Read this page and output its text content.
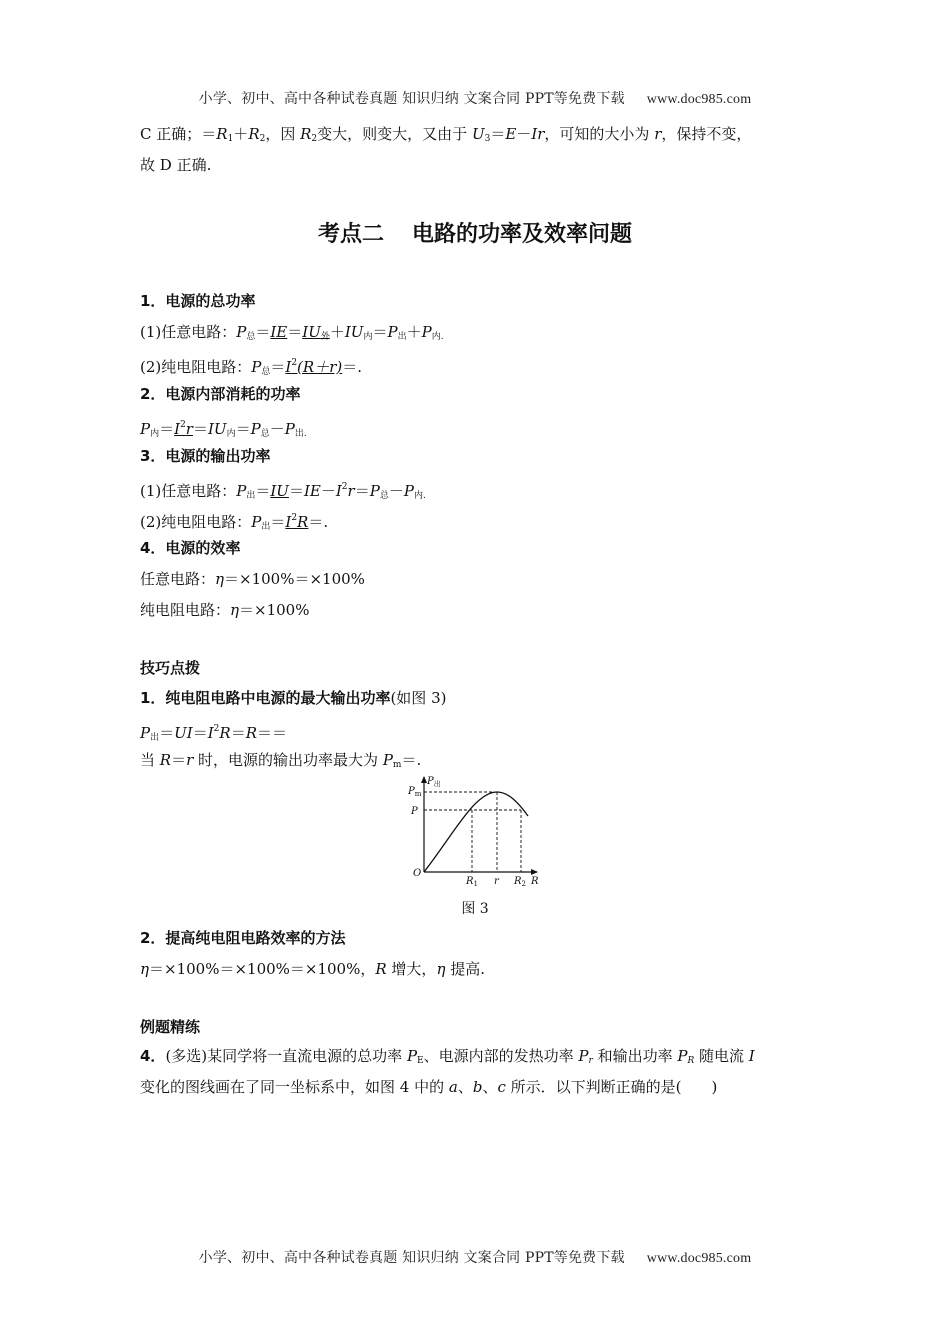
小学、初中、高中各种试卷真题 知识归纳 文案合同 PPT等免费下载 www.doc985.com
C 正确；$=R_1+R_2$，因 $R_2$变大，则变大，又由于 $U_3=E-Ir$，可知的大小为 r，保持不变，
故 D 正确.
考点二 电路的功率及效率问题
1．电源的总功率
(1)任意电路：$P_总=IE=IU_外+IU_内=P_出+P_{内.}$
(2)纯电阻电路：$P_总=I^2(R+r)=$.
2．电源内部消耗的功率
$P_内=I^2r=IU_内=P_总-P_{出.}$
3．电源的输出功率
(1)任意电路：$P_出=IU=IE-I^2r=P_总-P_{内.}$
(2)纯电阻电路：$P_出=I^2R=$.
4．电源的效率
任意电路：η＝×100%＝×100%
纯电阻电路：η＝×100%
技巧点拨
1．纯电阻电路中电源的最大输出功率(如图 3)
$P_出=UI=I^2R=R==$
当 R＝r 时，电源的输出功率最大为 $P_m=$.
$P_出$
$P_m$
P
O
$R_1$ r $R_2$ R
图 3
2．提高纯电阻电路效率的方法
η＝×100%＝×100%＝×100%，R 增大，η 提高.
例题精练
4．(多选)某同学将一直流电源的总功率 $P_E$、电源内部的发热功率 $P_r$ 和输出功率 $P_R$ 随电流 I
变化的图线画在了同一坐标系中，如图 4 中的 a、b、c 所示．以下判断正确的是(　　)
小学、初中、高中各种试卷真题 知识归纳 文案合同 PPT等免费下载 www.doc985.com
